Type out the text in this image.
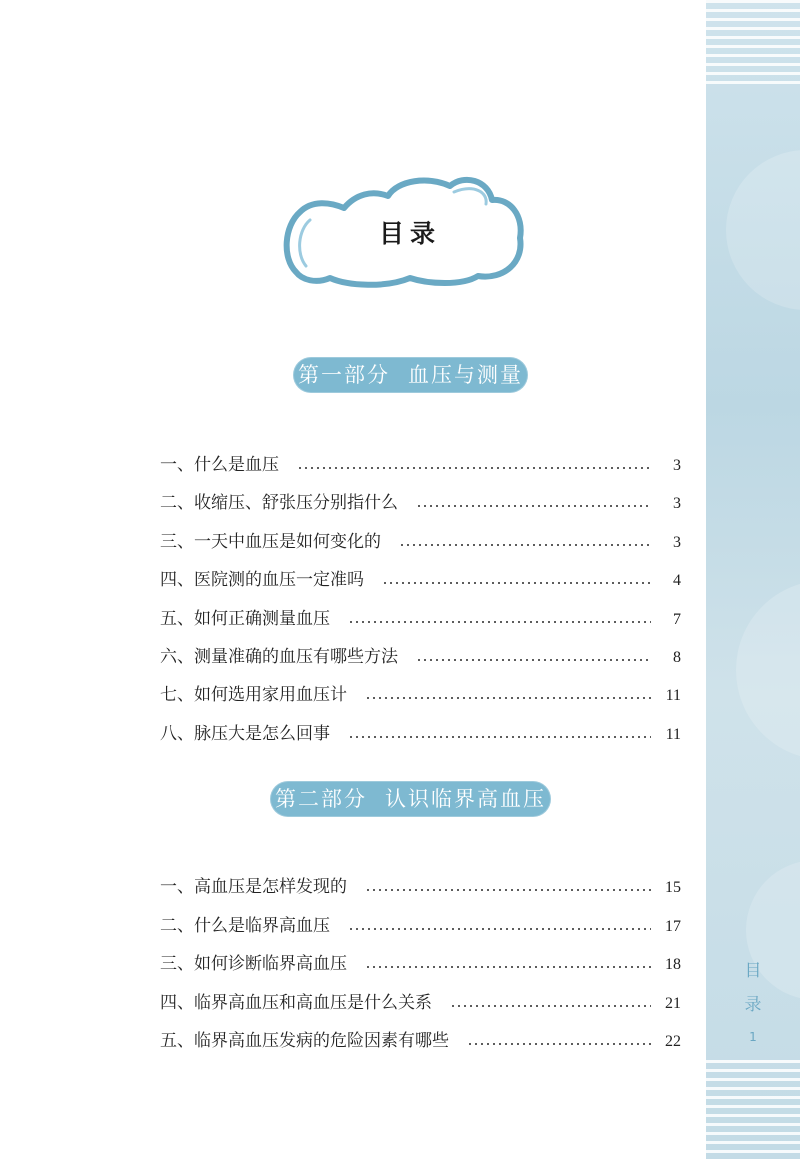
目
录
1
目录
第一部分 血压与测量
一、什么是血压	3
二、收缩压、舒张压分别指什么	3
三、一天中血压是如何变化的	3
四、医院测的血压一定准吗	4
五、如何正确测量血压	7
六、测量准确的血压有哪些方法	8
七、如何选用家用血压计	11
八、脉压大是怎么回事	11
第二部分 认识临界高血压
一、高血压是怎样发现的	15
二、什么是临界高血压	17
三、如何诊断临界高血压	18
四、临界高血压和高血压是什么关系	21
五、临界高血压发病的危险因素有哪些	22
